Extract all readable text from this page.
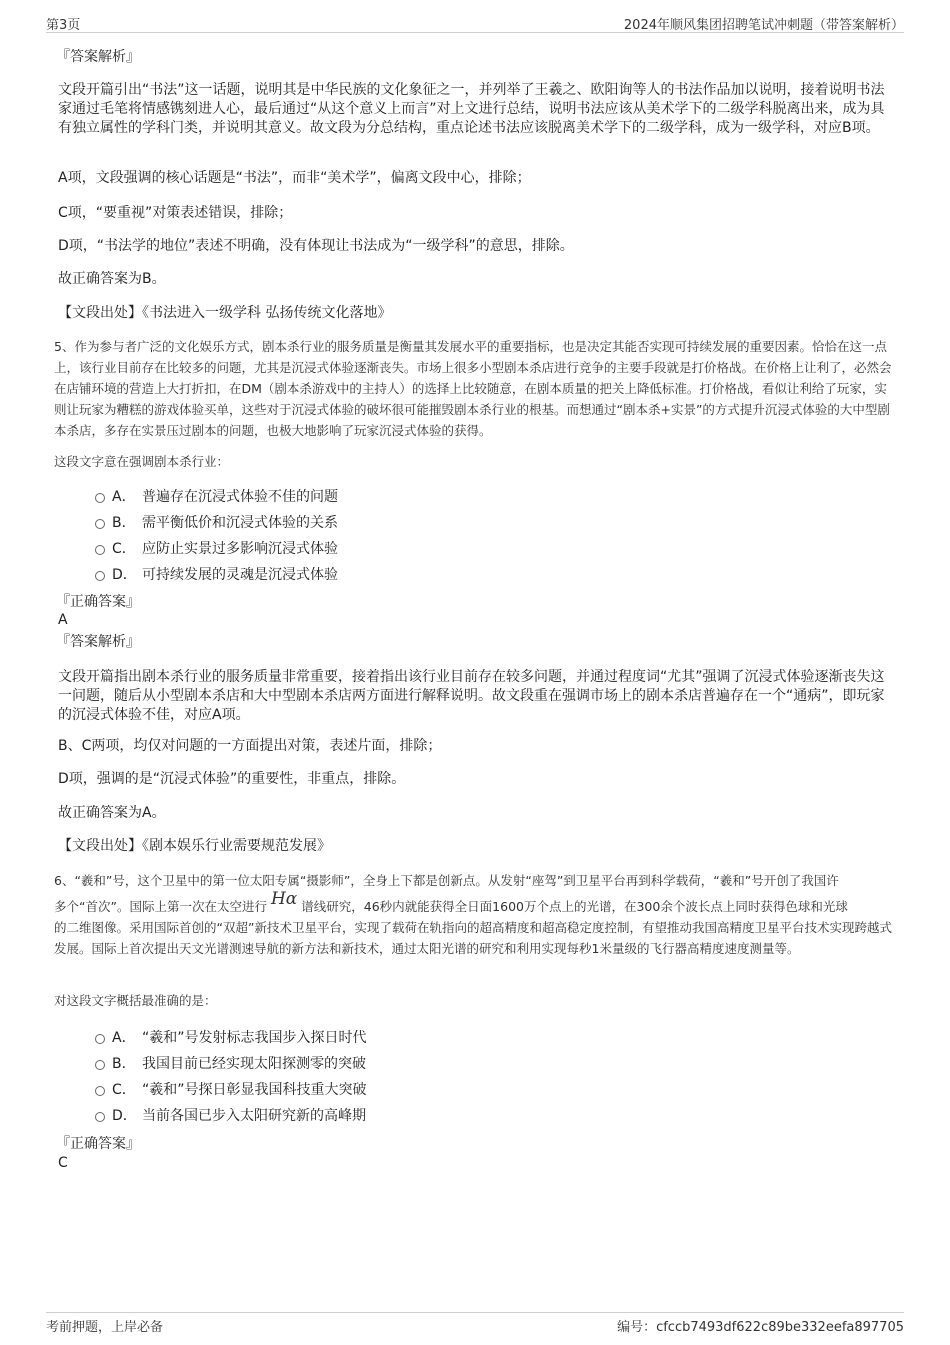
第3页	2024年顺风集团招聘笔试冲刺题（带答案解析）

『答案解析』

文段开篇引出“书法”这一话题，说明其是中华民族的文化象征之一，并列举了王羲之、欧阳询等人的书法作品加以说明，接着说明书法家通过毛笔将情感镌刻进人心，最后通过“从这个意义上而言”对上文进行总结，说明书法应该从美术学下的二级学科脱离出来，成为具有独立属性的学科门类，并说明其意义。故文段为分总结构，重点论述书法应该脱离美术学下的二级学科，成为一级学科，对应B项。

A项，文段强调的核心话题是“书法”，而非“美术学”，偏离文段中心，排除；

C项，“要重视”对策表述错误，排除；

D项，“书法学的地位”表述不明确，没有体现让书法成为“一级学科”的意思，排除。

故正确答案为B。

【文段出处】《书法进入一级学科 弘扬传统文化落地》

5、作为参与者广泛的文化娱乐方式，剧本杀行业的服务质量是衡量其发展水平的重要指标，也是决定其能否实现可持续发展的重要因素。恰恰在这一点上，该行业目前存在比较多的问题，尤其是沉浸式体验逐渐丧失。市场上很多小型剧本杀店进行竞争的主要手段就是打价格战。在价格上让利了，必然会在店铺环境的营造上大打折扣，在DM（剧本杀游戏中的主持人）的选择上比较随意，在剧本质量的把关上降低标准。打价格战，看似让利给了玩家，实则让玩家为糟糕的游戏体验买单，这些对于沉浸式体验的破坏很可能摧毁剧本杀行业的根基。而想通过“剧本杀+实景”的方式提升沉浸式体验的大中型剧本杀店，多存在实景压过剧本的问题，也极大地影响了玩家沉浸式体验的获得。

这段文字意在强调剧本杀行业：

A． 普遍存在沉浸式体验不佳的问题
B． 需平衡低价和沉浸式体验的关系
C． 应防止实景过多影响沉浸式体验
D． 可持续发展的灵魂是沉浸式体验

『正确答案』

A

『答案解析』

文段开篇指出剧本杀行业的服务质量非常重要，接着指出该行业目前存在较多问题，并通过程度词“尤其”强调了沉浸式体验逐渐丧失这一问题，随后从小型剧本杀店和大中型剧本杀店两方面进行解释说明。故文段重在强调市场上的剧本杀店普遍存在一个“通病”，即玩家的沉浸式体验不佳，对应A项。

B、C两项，均仅对问题的一方面提出对策，表述片面，排除；

D项，强调的是“沉浸式体验”的重要性，非重点，排除。

故正确答案为A。

【文段出处】《剧本娱乐行业需要规范发展》

6、“羲和”号，这个卫星中的第一位太阳专属“摄影师”，全身上下都是创新点。从发射“座驾”到卫星平台再到科学载荷，“羲和”号开创了我国许

多个“首次”。国际上第一次在太空进行 Hα 谱线研究，46秒内就能获得全日面1600万个点上的光谱，在300余个波长点上同时获得色球和光球

的二维图像。采用国际首创的“双超”新技术卫星平台，实现了载荷在轨指向的超高精度和超高稳定度控制，有望推动我国高精度卫星平台技术实现跨越式发展。国际上首次提出天文光谱测速导航的新方法和新技术，通过太阳光谱的研究和利用实现每秒1米量级的飞行器高精度速度测量等。

对这段文字概括最准确的是：

A． “羲和”号发射标志我国步入探日时代
B． 我国目前已经实现太阳探测零的突破
C． “羲和”号探日彰显我国科技重大突破
D． 当前各国已步入太阳研究新的高峰期

『正确答案』

C

考前押题，上岸必备	编号：cfccb7493df622c89be332eefa897705
